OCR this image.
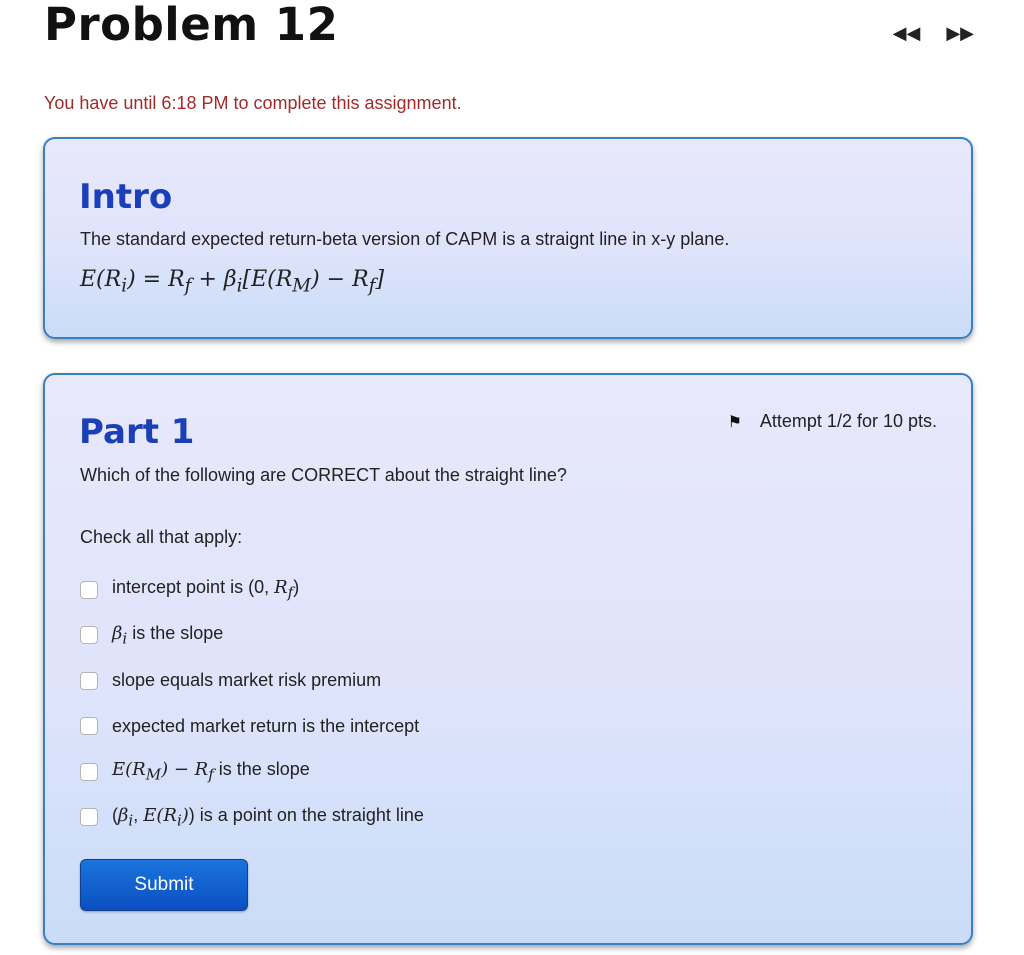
Problem 12	◀◀ ▶▶
You have until 6:18 PM to complete this assignment.
Intro
The standard expected return-beta version of CAPM is a straignt line in x-y plane.
$E(R_i) = R_f + \beta_i[E(R_M) - R_f]$
Part 1	⚑ Attempt 1/2 for 10 pts.
Which of the following are CORRECT about the straight line?
Check all that apply:
intercept point is (0, $R_f$)
$\beta_i$ is the slope
slope equals market risk premium
expected market return is the intercept
$E(R_M) - R_f$ is the slope
($\beta_i$, $E(R_i)$) is a point on the straight line
Submit
